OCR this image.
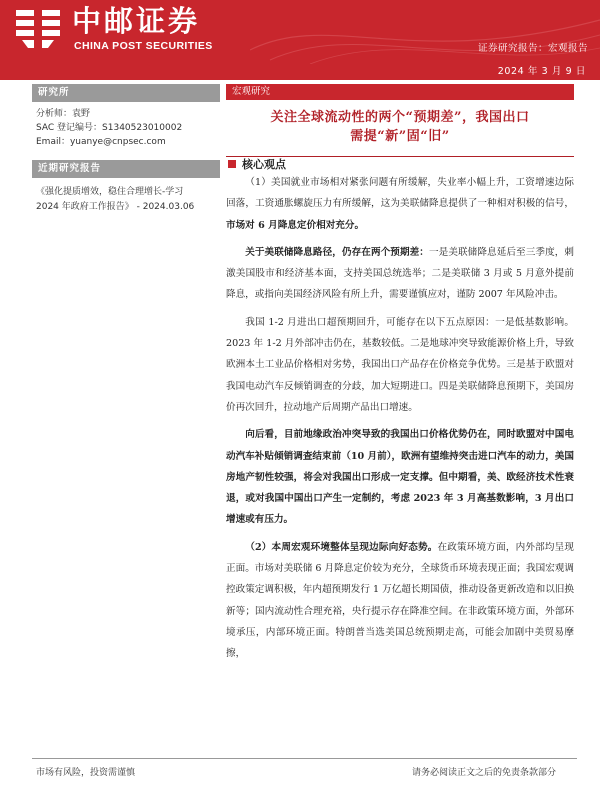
中邮证券
CHINA POST SECURITIES	证券研究报告：宏观报告
2024 年 3 月 9 日
研究所
分析师：袁野
SAC 登记编号：S1340523010002
Email：yuanye@cnpsec.com
近期研究报告
《强化提质增效，稳住合理增长-学习
2024 年政府工作报告》 - 2024.03.06
宏观研究
关注全球流动性的两个“预期差”，我国出口
需提“新”固“旧”
核心观点

（1）美国就业市场相对紧张问题有所缓解，失业率小幅上升，工资增速边际回落，工资通胀螺旋压力有所缓解，这为美联储降息提供了一种相对积极的信号，市场对 6 月降息定价相对充分。

关于美联储降息路径，仍存在两个预期差：一是美联储降息延后至三季度，刺激美国股市和经济基本面，支持美国总统选举；二是美联储 3 月或 5 月意外提前降息，或指向美国经济风险有所上升，需要谨慎应对，谨防 2007 年风险冲击。

我国 1-2 月进出口超预期回升，可能存在以下五点原因：一是低基数影响。2023 年 1-2 月外部冲击仍在，基数较低。二是地球冲突导致能源价格上升，导致欧洲本土工业品价格相对劣势，我国出口产品存在价格竞争优势。三是基于欧盟对我国电动汽车反倾销调查的分歧，加大短期进口。四是美联储降息预期下，美国房价再次回升，拉动地产后周期产品出口增速。

向后看，目前地缘政治冲突导致的我国出口价格优势仍在，同时欧盟对中国电动汽车补贴倾销调查结束前（10 月前），欧洲有望维持突击进口汽车的动力，美国房地产韧性较强，将会对我国出口形成一定支撑。但中期看，美、欧经济技术性衰退，或对我国中国出口产生一定制约，考虑 2023 年 3 月高基数影响，3 月出口增速或有压力。

（2）本周宏观环境整体呈现边际向好态势。在政策环境方面，内外部均呈现正面。市场对美联储 6 月降息定价较为充分，全球货币环境表现正面；我国宏观调控政策定调积极，年内超预期发行 1 万亿超长期国债，推动设备更新改造和以旧换新等；国内流动性合理充裕，央行提示存在降准空间。在非政策环境方面，外部环境承压，内部环境正面。特朗普当选美国总统预期走高，可能会加剧中美贸易摩擦，

市场有风险，投资需谨慎	请务必阅读正文之后的免责条款部分
